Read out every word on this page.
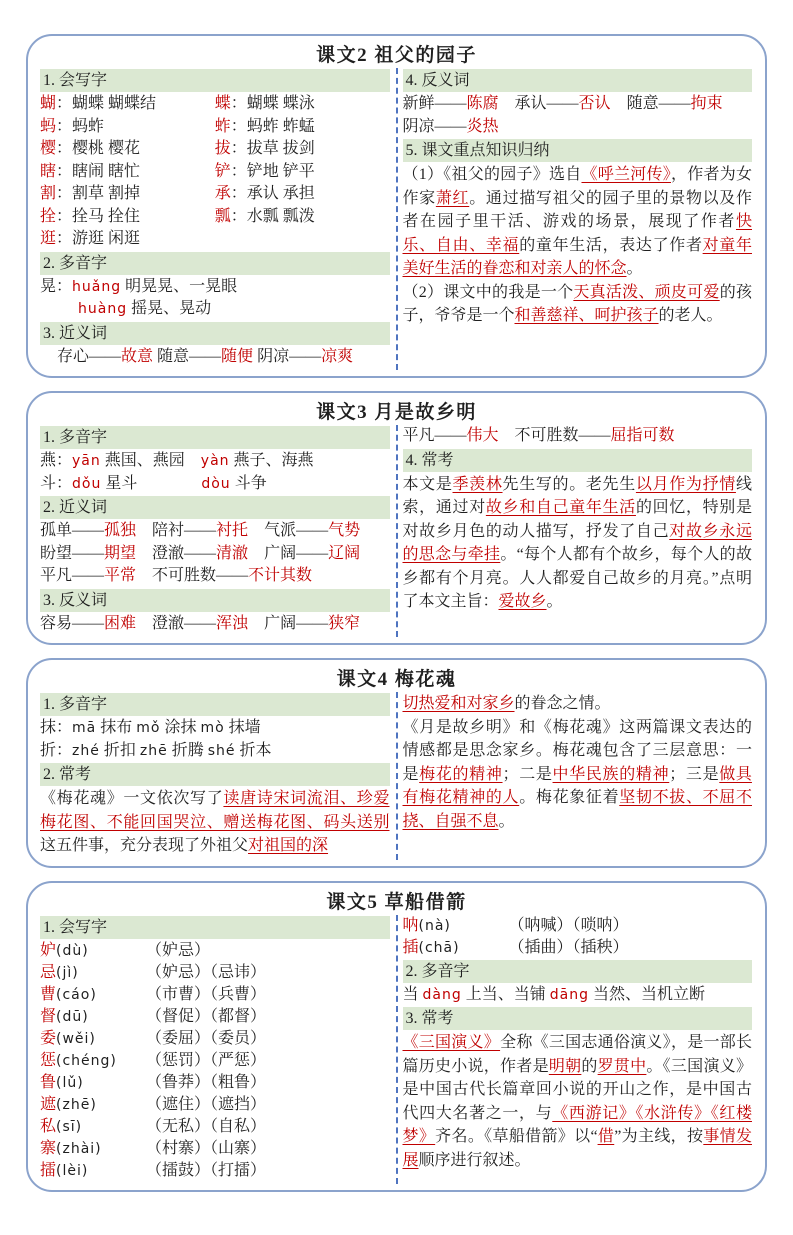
课文2 祖父的园子
1. 会写字
蝴：蝴蝶 蝴蝶结	蝶：蝴蝶 蝶泳
蚂：蚂蚱	蚱：蚂蚱 蚱蜢
樱：樱桃 樱花	拔：拔草 拔剑
瞎：瞎闹 瞎忙	铲：铲地 铲平
割：割草 割掉	承：承认 承担
拴：拴马 拴住	瓢：水瓢 瓢泼
逛：游逛 闲逛
2. 多音字
晃：huǎng 明晃晃、一晃眼
huàng 摇晃、晃动
3. 近义词
存心——故意 随意——随便 阴凉——凉爽
4. 反义词
新鲜——陈腐　承认——否认　随意——拘束
阴凉——炎热
5. 课文重点知识归纳
（1）《祖父的园子》选自《呼兰河传》，作者为女作家萧红。通过描写祖父的园子里的景物以及作者在园子里干活、游戏的场景，展现了作者快乐、自由、幸福的童年生活，表达了作者对童年美好生活的眷恋和对亲人的怀念。
（2）课文中的我是一个天真活泼、顽皮可爱的孩子，爷爷是一个和善慈祥、呵护孩子的老人。
课文3 月是故乡明
1. 多音字
燕：yān 燕国、燕园　yàn 燕子、海燕
斗：dǒu 星斗　　　　dòu 斗争
2. 近义词
孤单——孤独　陪衬——衬托　气派——气势
盼望——期望　澄澈——清澈　广阔——辽阔
平凡——平常　不可胜数——不计其数
3. 反义词
容易——困难　澄澈——浑浊　广阔——狭窄
平凡——伟大　不可胜数——屈指可数
4. 常考
本文是季羡林先生写的。老先生以月作为抒情线索，通过对故乡和自己童年生活的回忆，特别是对故乡月色的动人描写，抒发了自己对故乡永远的思念与牵挂。“每个人都有个故乡，每个人的故乡都有个月亮。人人都爱自己故乡的月亮。”点明了本文主旨：爱故乡。
课文4 梅花魂
1. 多音字
抹：mā 抹布 mǒ 涂抹 mò 抹墙
折：zhé 折扣 zhē 折腾 shé 折本
2. 常考
《梅花魂》一文依次写了读唐诗宋词流泪、珍爱梅花图、不能回国哭泣、赠送梅花图、码头送别这五件事，充分表现了外祖父对祖国的深
切热爱和对家乡的眷念之情。
《月是故乡明》和《梅花魂》这两篇课文表达的情感都是思念家乡。梅花魂包含了三层意思：一是梅花的精神；二是中华民族的精神；三是做具有梅花精神的人。梅花象征着坚韧不拔、不屈不挠、自强不息。
课文5 草船借箭
1. 会写字
妒(dù)	（妒忌）
忌(jì)	（妒忌）（忌讳）
曹(cáo)	（市曹）（兵曹）
督(dū)	（督促）（都督）
委(wěi)	（委屈）（委员）
惩(chéng)	（惩罚）（严惩）
鲁(lǔ)	（鲁莽）（粗鲁）
遮(zhē)	（遮住）（遮挡）
私(sī)	（无私）（自私）
寨(zhài)	（村寨）（山寨）
擂(lèi)	（擂鼓）（打擂）
呐(nà)	（呐喊）（唢呐）
插(chā)	（插曲）（插秧）
2. 多音字
当 dàng 上当、当铺 dāng 当然、当机立断
3. 常考
《三国演义》全称《三国志通俗演义》，是一部长篇历史小说，作者是明朝的罗贯中。《三国演义》是中国古代长篇章回小说的开山之作，是中国古代四大名著之一，与《西游记》《水浒传》《红楼梦》齐名。《草船借箭》以“借”为主线，按事情发展顺序进行叙述。
